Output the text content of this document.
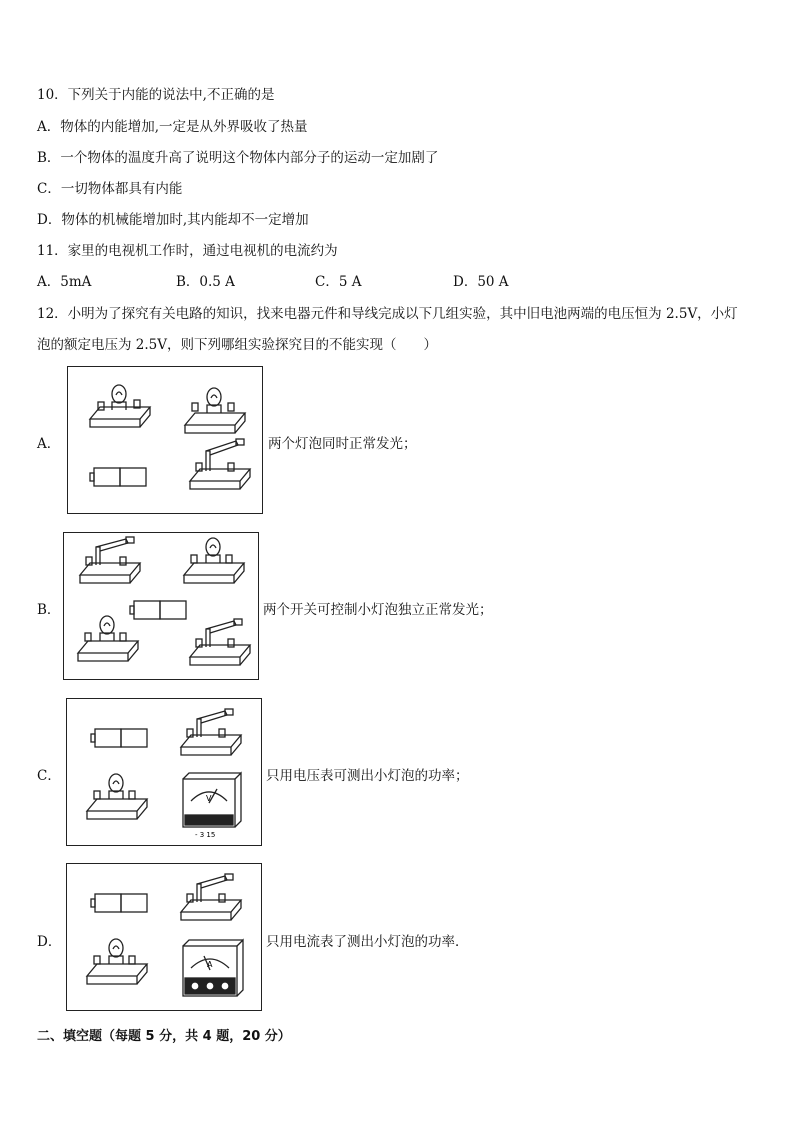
10．下列关于内能的说法中,不正确的是
A．物体的内能增加,一定是从外界吸收了热量
B．一个物体的温度升高了说明这个物体内部分子的运动一定加剧了
C．一切物体都具有内能
D．物体的机械能增加时,其内能却不一定增加
11．家里的电视机工作时，通过电视机的电流约为
A．5mA	B．0.5 A	C．5 A	D．50 A
12．小明为了探究有关电路的知识，找来电器元件和导线完成以下几组实验，其中旧电池两端的电压恒为 2.5V，小灯
泡的额定电压为 2.5V，则下列哪组实验探究目的不能实现（　　）
A．	两个灯泡同时正常发光；
B．	两个开关可控制小灯泡独立正常发光；
C．
V
- 3 15
只用电压表可测出小灯泡的功率；
D．
A
只用电流表了测出小灯泡的功率．
二、填空题（每题 5 分，共 4 题，20 分）
